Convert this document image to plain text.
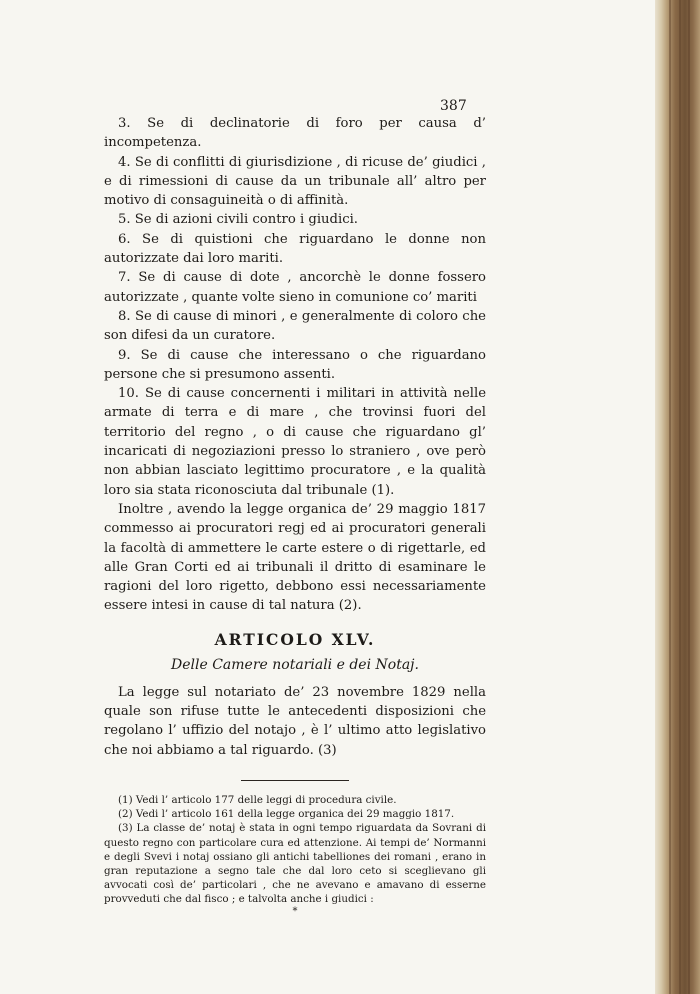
387

3. Se di declinatorie di foro per causa d’ incompetenza.

4. Se di conflitti di giurisdizione , di ricuse de’ giudici , e di rimessioni di cause da un tribunale all’ altro per motivo di consaguineità o di affinità.

5. Se di azioni civili contro i giudici.

6. Se di quistioni che riguardano le donne non autorizzate dai loro mariti.

7. Se di cause di dote , ancorchè le donne fossero autorizzate , quante volte sieno in comunione co’ mariti

8. Se di cause di minori , e generalmente di coloro che son difesi da un curatore.

9. Se di cause che interessano o che riguardano persone che si presumono assenti.

10. Se di cause concernenti i militari in attività nelle armate di terra e di mare , che trovinsi fuori del territorio del regno , o di cause che riguardano gl’ incaricati di negoziazioni presso lo straniero , ove però non abbian lasciato legittimo procuratore , e la qualità loro sia stata riconosciuta dal tribunale (1).

Inoltre , avendo la legge organica de’ 29 maggio 1817 commesso ai procuratori regj ed ai procuratori generali la facoltà di ammettere le carte estere o di rigettarle, ed alle Gran Corti ed ai tribunali il dritto di esaminare le ragioni del loro rigetto, debbono essi necessariamente essere intesi in cause di tal natura (2).

ARTICOLO XLV.

Delle Camere notariali e dei Notaj.

La legge sul notariato de’ 23 novembre 1829 nella quale son rifuse tutte le antecedenti disposizioni che regolano l’ uffizio del notajo , è l’ ultimo atto legislativo che noi abbiamo a tal riguardo. (3)

(1) Vedi l’ articolo 177 delle leggi di procedura civile.

(2) Vedi l’ articolo 161 della legge organica dei 29 maggio 1817.

(3) La classe de’ notaj è stata in ogni tempo riguardata da Sovrani di questo regno con particolare cura ed attenzione. Ai tempi de’ Normanni e degli Svevi i notaj ossiano gli antichi tabelliones dei romani , erano in gran reputazione a segno tale che dal loro ceto si sceglievano gli avvocati così de’ particolari , che ne avevano e amavano di esserne provveduti che dal fisco ; e talvolta anche i giudici :

*
